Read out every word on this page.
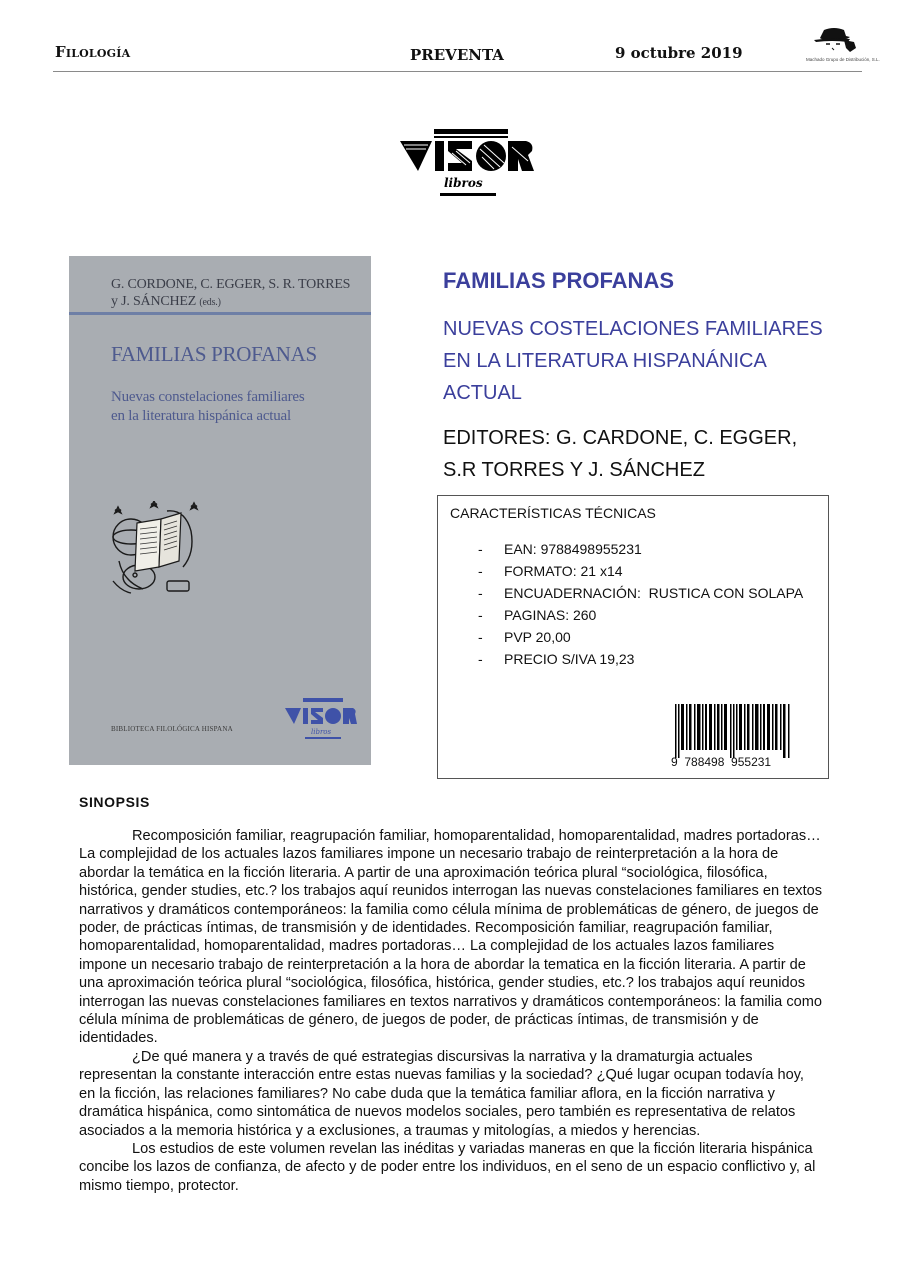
Filología	PREVENTA	9 octubre 2019	Machado Grupo de Distribución, S.L.
libros
G. CORDONE, C. EGGER, S. R. TORRES
y J. SÁNCHEZ (eds.)
FAMILIAS PROFANAS
Nuevas constelaciones familiares
en la literatura hispánica actual
BIBLIOTECA FILOLÓGICA HISPANA	libros
FAMILIAS PROFANAS
NUEVAS COSTELACIONES FAMILIARES
EN LA LITERATURA HISPANÁNICA
ACTUAL
EDITORES: G. CARDONE, C. EGGER,
S.R TORRES Y J. SÁNCHEZ
CARACTERÍSTICAS TÉCNICAS
- EAN: 9788498955231
- FORMATO: 21 x14
- ENCUADERNACIÓN:  RUSTICA CON SOLAPA
- PAGINAS: 260
- PVP 20,00
- PRECIO S/IVA 19,23
9  788498  955231
SINOPSIS

Recomposición familiar, reagrupación familiar, homoparentalidad, homoparentalidad, madres portadoras… La complejidad de los actuales lazos familiares impone un necesario trabajo de reinterpretación a la hora de abordar la temática en la ficción literaria. A partir de una aproximación teórica plural “sociológica, filosófica, histórica, gender studies, etc.? los trabajos aquí reunidos interrogan las nuevas constelaciones familiares en textos narrativos y dramáticos contemporáneos: la familia como célula mínima de problemáticas de género, de juegos de poder, de prácticas íntimas, de transmisión y de identidades. Recomposición familiar, reagrupación familiar, homoparentalidad, homoparentalidad, madres portadoras… La complejidad de los actuales lazos familiares impone un necesario trabajo de reinterpretación a la hora de abordar la tematica en la ficción literaria. A partir de una aproximación teórica plural “sociológica, filosófica, histórica, gender studies, etc.? los trabajos aquí reunidos interrogan las nuevas constelaciones familiares en textos narrativos y dramáticos contemporáneos: la familia como célula mínima de problemáticas de género, de juegos de poder, de prácticas íntimas, de transmisión y de identidades.

¿De qué manera y a través de qué estrategias discursivas la narrativa y la dramaturgia actuales representan la constante interacción entre estas nuevas familias y la sociedad? ¿Qué lugar ocupan todavía hoy, en la ficción, las relaciones familiares? No cabe duda que la temática familiar aflora, en la ficción narrativa y dramática hispánica, como sintomática de nuevos modelos sociales, pero también es representativa de relatos asociados a la memoria histórica y a exclusiones, a traumas y mitologías, a miedos y herencias.

Los estudios de este volumen revelan las inéditas y variadas maneras en que la ficción literaria hispánica concibe los lazos de confianza, de afecto y de poder entre los individuos, en el seno de un espacio conflictivo y, al mismo tiempo, protector.
